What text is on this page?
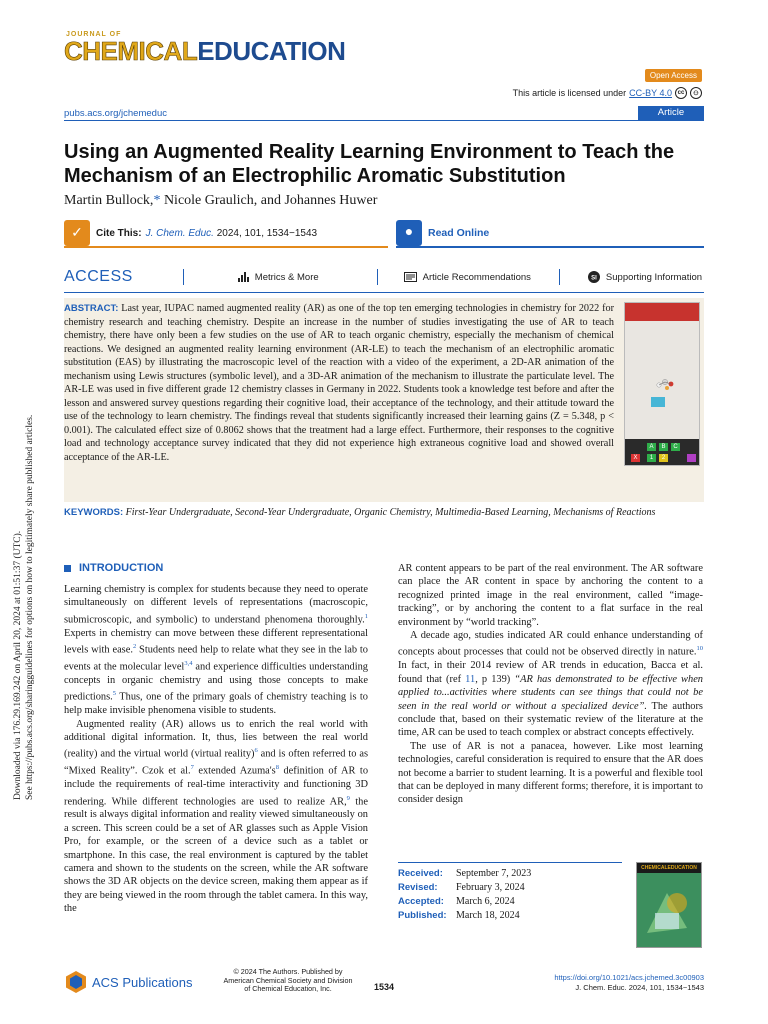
JOURNAL OF
CHEMICALEDUCATION
Open Access
This article is licensed under CC-BY 4.0 cc	⚇
pubs.acs.org/jchemeduc	Article
Using an Augmented Reality Learning Environment to Teach the Mechanism of an Electrophilic Aromatic Substitution
Martin Bullock,* Nicole Graulich, and Johannes Huwer
✓	Cite This: J. Chem. Educ. 2024, 101, 1534−1543	●	Read Online
ACCESS	Metrics & More	Article Recommendations	SI Supporting Information
ABSTRACT: Last year, IUPAC named augmented reality (AR) as one of the top ten emerging technologies in chemistry for 2022 for chemistry research and teaching chemistry. Despite an increase in the number of studies investigating the use of AR to teach chemistry, there have only been a few studies on the use of AR to teach organic chemistry, especially the mechanism of chemical reactions. We designed an augmented reality learning environment (AR-LE) to teach the mechanism of an electrophilic aromatic substitution (EAS) by illustrating the macroscopic level of the reaction with a video of the experiment, a 2D-AR animation of the mechanism using Lewis structures (symbolic level), and a 3D-AR animation of the mechanism to illustrate the particulate level. The AR-LE was used in five different grade 12 chemistry classes in Germany in 2022. Students took a knowledge test before and after the lesson and answered survey questions regarding their cognitive load, their acceptance of the technology, and their attitude toward the use of the technology to learn chemistry. The findings reveal that students significantly increased their learning gains (Z = 5.348, p < 0.001). The calculated effect size of 0.8062 shows that the treatment had a large effect. Furthermore, their responses to the cognitive load and technology acceptance survey indicated that they did not experience high extraneous cognitive load and showed overall acceptance of the AR-LE.
A	B	C
X	1	2
KEYWORDS: First-Year Undergraduate, Second-Year Undergraduate, Organic Chemistry, Multimedia-Based Learning, Mechanisms of Reactions
INTRODUCTION

Learning chemistry is complex for students because they need to operate simultaneously on different levels of representations (macroscopic, submicroscopic, and symbolic) to understand phenomena thoroughly.$^1$ Experts in chemistry can move between these different representational levels with ease.$^2$ Students need help to relate what they see in the lab to events at the molecular level$^{3,4}$ and experience difficulties understanding concepts in organic chemistry and using those concepts to make predictions.$^5$ Thus, one of the primary goals of chemistry teaching is to help make invisible phenomena visible to students.

Augmented reality (AR) allows us to enrich the real world with additional digital information. It, thus, lies between the real world (reality) and the virtual world (virtual reality)$^6$ and is often referred to as “Mixed Reality”. Czok et al.$^7$ extended $Azuma's^8$ definition of AR to include the requirements of real-time interactivity and functioning 3D rendering. While different technologies are used to realize AR,$^9$ the result is always digital information and reality viewed simultaneously on a screen. This screen could be a set of AR glasses such as Apple Vision Pro, for example, or the screen of a device such as a tablet or smartphone. In this case, the real environment is captured by the tablet camera and shown to the students on the screen, while the AR software shows the 3D AR objects on the device screen, making them appear as if they are being viewed in the room through the tablet camera. In this way, the

AR content appears to be part of the real environment. The AR software can place the AR content in space by anchoring the content to a recognized printed image in the real environment, called “image-tracking”, or by anchoring the content to a flat surface in the real environment by “world tracking”.

A decade ago, studies indicated AR could enhance understanding of concepts about processes that could not be observed directly in nature.$^{10}$ In fact, in their 2014 review of AR trends in education, Bacca et al. found that (ref 11, p 139) “AR has demonstrated to be effective when applied to...activities where students can see things that could not be seen in the real world or without a specialized device”. The authors conclude that, based on their systematic review of the literature at the time, AR can be used to teach complex or abstract concepts effectively.

The use of AR is not a panacea, however. Like most learning technologies, careful consideration is required to ensure that the AR does not become a barrier to student learning. It is a powerful and flexible tool that can be deployed in many different forms; therefore, it is important to consider design

Received:	September 7, 2023
Revised:	February 3, 2024
Accepted:	March 6, 2024
Published: March 18, 2024
CHEMICALEDUCATION
Downloaded via 176.29.169.242 on April 20, 2024 at 01:51:37 (UTC). See https://pubs.acs.org/sharingguidelines for options on how to legitimately share published articles.
ACS Publications
© 2024 The Authors. Published by
American Chemical Society and Division
of Chemical Education, Inc.	1534
https://doi.org/10.1021/acs.jchemed.3c00903
J. Chem. Educ. 2024, 101, 1534−1543
